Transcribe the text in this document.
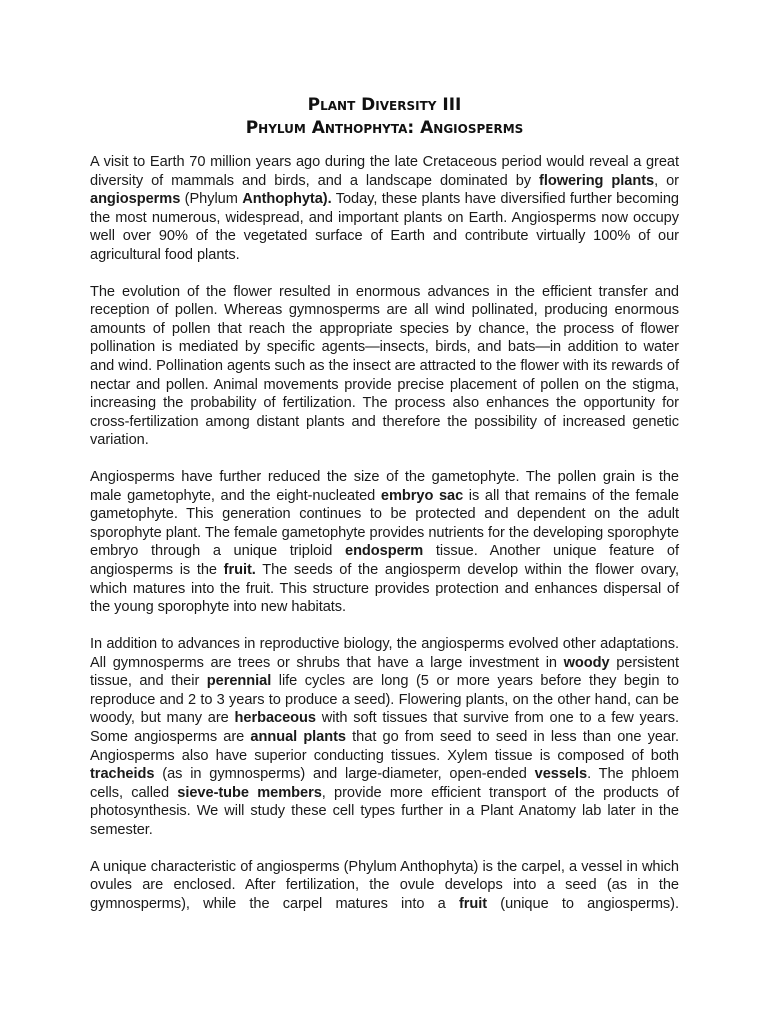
Plant Diversity III
Phylum Anthophyta: Angiosperms

A visit to Earth 70 million years ago during the late Cretaceous period would reveal a great diversity of mammals and birds, and a landscape dominated by flowering plants, or angiosperms (Phylum Anthophyta). Today, these plants have diversified further becoming the most numerous, widespread, and important plants on Earth. Angiosperms now occupy well over 90% of the vegetated surface of Earth and contribute virtually 100% of our agricultural food plants.

The evolution of the flower resulted in enormous advances in the efficient transfer and reception of pollen. Whereas gymnosperms are all wind pollinated, producing enormous amounts of pollen that reach the appropriate species by chance, the process of flower pollination is mediated by specific agents—insects, birds, and bats—in addition to water and wind. Pollination agents such as the insect are attracted to the flower with its rewards of nectar and pollen. Animal movements provide precise placement of pollen on the stigma, increasing the probability of fertilization. The process also enhances the opportunity for cross-fertilization among distant plants and therefore the possibility of increased genetic variation.

Angiosperms have further reduced the size of the gametophyte. The pollen grain is the male gametophyte, and the eight-nucleated embryo sac is all that remains of the female gametophyte. This generation continues to be protected and dependent on the adult sporophyte plant. The female gametophyte provides nutrients for the developing sporophyte embryo through a unique triploid endosperm tissue. Another unique feature of angiosperms is the fruit. The seeds of the angiosperm develop within the flower ovary, which matures into the fruit. This structure provides protection and enhances dispersal of the young sporophyte into new habitats.

In addition to advances in reproductive biology, the angiosperms evolved other adaptations. All gymnosperms are trees or shrubs that have a large investment in woody persistent tissue, and their perennial life cycles are long (5 or more years before they begin to reproduce and 2 to 3 years to produce a seed). Flowering plants, on the other hand, can be woody, but many are herbaceous with soft tissues that survive from one to a few years. Some angiosperms are annual plants that go from seed to seed in less than one year. Angiosperms also have superior conducting tissues. Xylem tissue is composed of both tracheids (as in gymnosperms) and large-diameter, open-ended vessels. The phloem cells, called sieve-tube members, provide more efficient transport of the products of photosynthesis. We will study these cell types further in a Plant Anatomy lab later in the semester.

A unique characteristic of angiosperms (Phylum Anthophyta) is the carpel, a vessel in which ovules are enclosed. After fertilization, the ovule develops into a seed (as in the gymnosperms), while the carpel matures into a fruit (unique to angiosperms).
